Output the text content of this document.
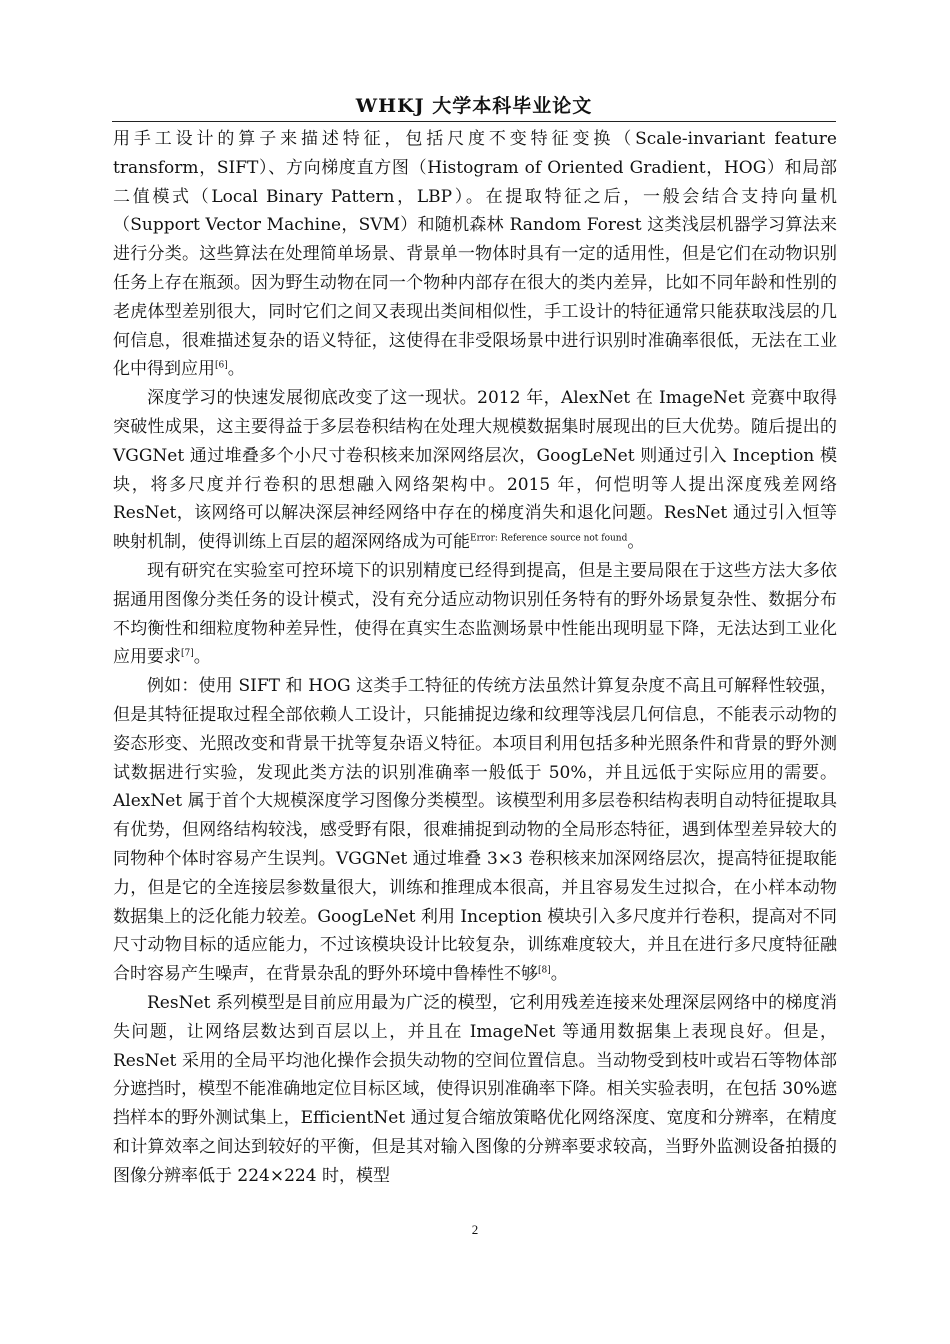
WHKJ 大学本科毕业论文

用手工设计的算子来描述特征，包括尺度不变特征变换（Scale-invariant feature transform，SIFT）、方向梯度直方图（Histogram of Oriented Gradient，HOG）和局部二值模式（Local Binary Pattern，LBP）。在提取特征之后，一般会结合支持向量机（Support Vector Machine，SVM）和随机森林 Random Forest 这类浅层机器学习算法来进行分类。这些算法在处理简单场景、背景单一物体时具有一定的适用性，但是它们在动物识别任务上存在瓶颈。因为野生动物在同一个物种内部存在很大的类内差异，比如不同年龄和性别的老虎体型差别很大，同时它们之间又表现出类间相似性，手工设计的特征通常只能获取浅层的几何信息，很难描述复杂的语义特征，这使得在非受限场景中进行识别时准确率很低，无法在工业化中得到应用[6]。

深度学习的快速发展彻底改变了这一现状。2012 年，AlexNet 在 ImageNet 竞赛中取得突破性成果，这主要得益于多层卷积结构在处理大规模数据集时展现出的巨大优势。随后提出的 VGGNet 通过堆叠多个小尺寸卷积核来加深网络层次，GoogLeNet 则通过引入 Inception 模块，将多尺度并行卷积的思想融入网络架构中。2015 年，何恺明等人提出深度残差网络 ResNet，该网络可以解决深层神经网络中存在的梯度消失和退化问题。ResNet 通过引入恒等映射机制，使得训练上百层的超深网络成为可能$^{Error: Reference source not found}$。

现有研究在实验室可控环境下的识别精度已经得到提高，但是主要局限在于这些方法大多依据通用图像分类任务的设计模式，没有充分适应动物识别任务特有的野外场景复杂性、数据分布不均衡性和细粒度物种差异性，使得在真实生态监测场景中性能出现明显下降，无法达到工业化应用要求[7]。

例如：使用 SIFT 和 HOG 这类手工特征的传统方法虽然计算复杂度不高且可解释性较强，但是其特征提取过程全部依赖人工设计，只能捕捉边缘和纹理等浅层几何信息，不能表示动物的姿态形变、光照改变和背景干扰等复杂语义特征。本项目利用包括多种光照条件和背景的野外测试数据进行实验，发现此类方法的识别准确率一般低于 50%，并且远低于实际应用的需要。AlexNet 属于首个大规模深度学习图像分类模型。该模型利用多层卷积结构表明自动特征提取具有优势，但网络结构较浅，感受野有限，很难捕捉到动物的全局形态特征，遇到体型差异较大的同物种个体时容易产生误判。VGGNet 通过堆叠 3×3 卷积核来加深网络层次，提高特征提取能力，但是它的全连接层参数量很大，训练和推理成本很高，并且容易发生过拟合，在小样本动物数据集上的泛化能力较差。GoogLeNet 利用 Inception 模块引入多尺度并行卷积，提高对不同尺寸动物目标的适应能力，不过该模块设计比较复杂，训练难度较大，并且在进行多尺度特征融合时容易产生噪声，在背景杂乱的野外环境中鲁棒性不够[8]。

ResNet 系列模型是目前应用最为广泛的模型，它利用残差连接来处理深层网络中的梯度消失问题，让网络层数达到百层以上，并且在 ImageNet 等通用数据集上表现良好。但是，ResNet 采用的全局平均池化操作会损失动物的空间位置信息。当动物受到枝叶或岩石等物体部分遮挡时，模型不能准确地定位目标区域，使得识别准确率下降。相关实验表明，在包括 30%遮挡样本的野外测试集上，EfficientNet 通过复合缩放策略优化网络深度、宽度和分辨率，在精度和计算效率之间达到较好的平衡，但是其对输入图像的分辨率要求较高，当野外监测设备拍摄的图像分辨率低于 224×224 时，模型

2
